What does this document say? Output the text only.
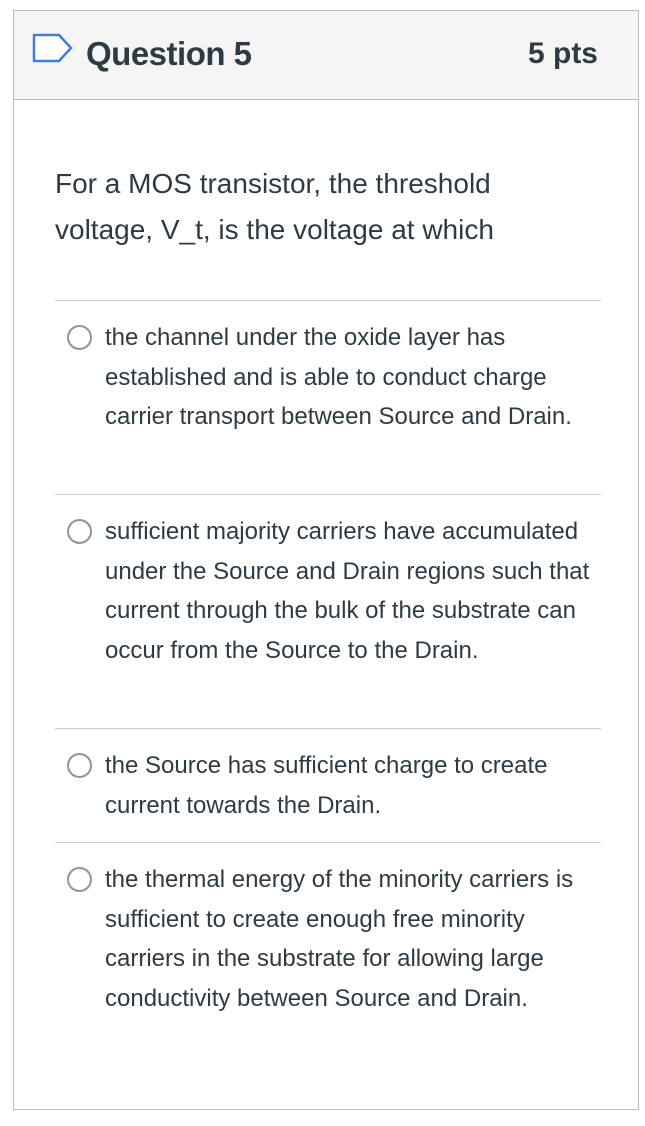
Question 5	5 pts
For a MOS transistor, the threshold voltage, V_t, is the voltage at which
the channel under the oxide layer has established and is able to conduct charge carrier transport between Source and Drain.
sufficient majority carriers have accumulated under the Source and Drain regions such that current through the bulk of the substrate can occur from the Source to the Drain.
the Source has sufficient charge to create current towards the Drain.
the thermal energy of the minority carriers is sufficient to create enough free minority carriers in the substrate for allowing large conductivity between Source and Drain.
